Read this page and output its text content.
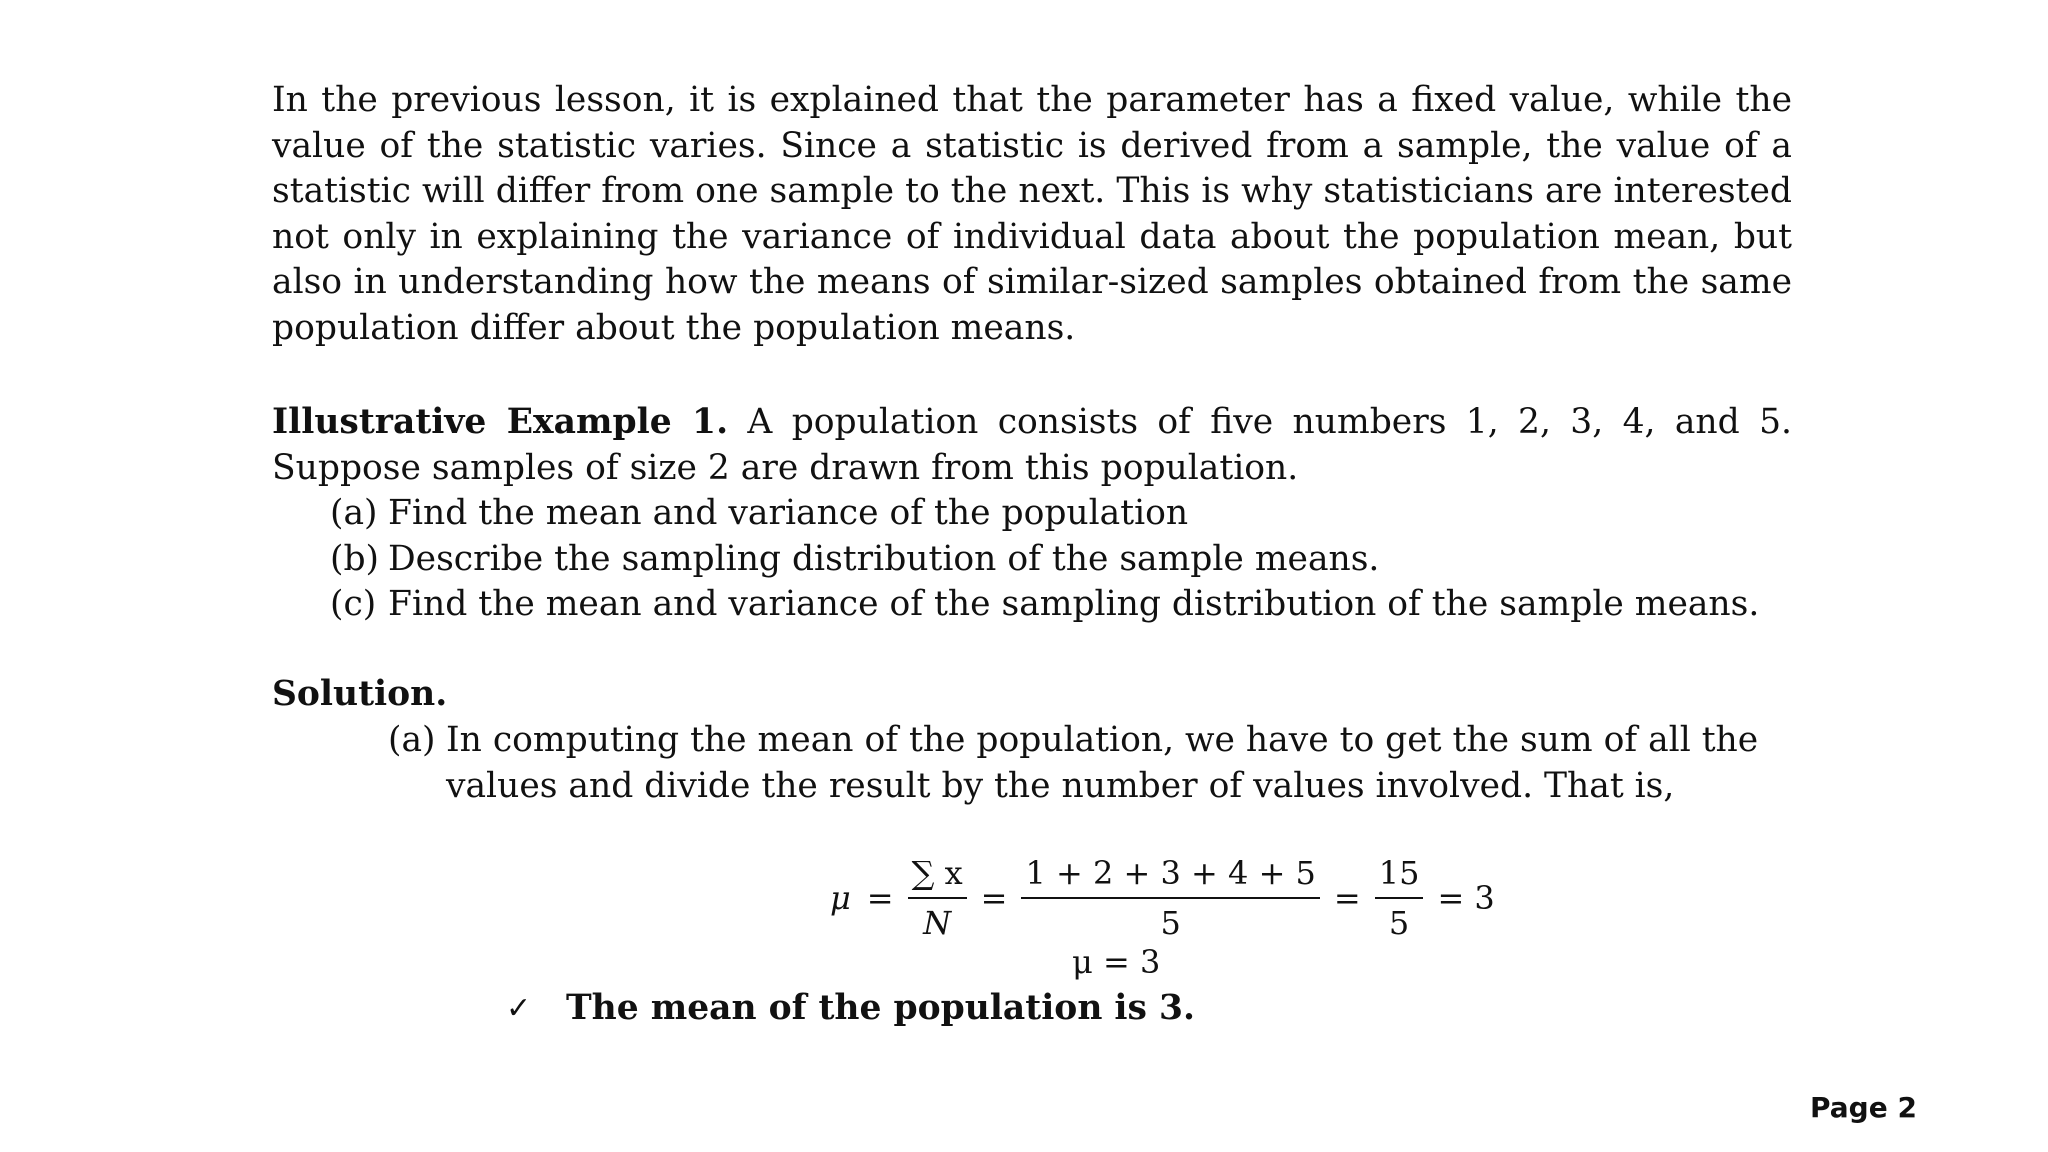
In the previous lesson, it is explained that the parameter has a fixed value, while the value of the statistic varies. Since a statistic is derived from a sample, the value of a statistic will differ from one sample to the next. This is why statisticians are interested not only in explaining the variance of individual data about the population mean, but also in understanding how the means of similar-sized samples obtained from the same population differ about the population means.

Illustrative Example 1. A population consists of five numbers 1, 2, 3, 4, and 5. Suppose samples of size 2 are drawn from this population.

(a) Find the mean and variance of the population
(b) Describe the sampling distribution of the sample means.
(c) Find the mean and variance of the sampling distribution of the sample means.

Solution.

(a) In computing the mean of the population, we have to get the sum of all the values and divide the result by the number of values involved. That is,
$\mu = \frac{\sum x}{N} = \frac{1 + 2 + 3 + 4 + 5}{5} = \frac{15}{5} = 3$
μ = 3
✓	The mean of the population is 3.
Page 2
